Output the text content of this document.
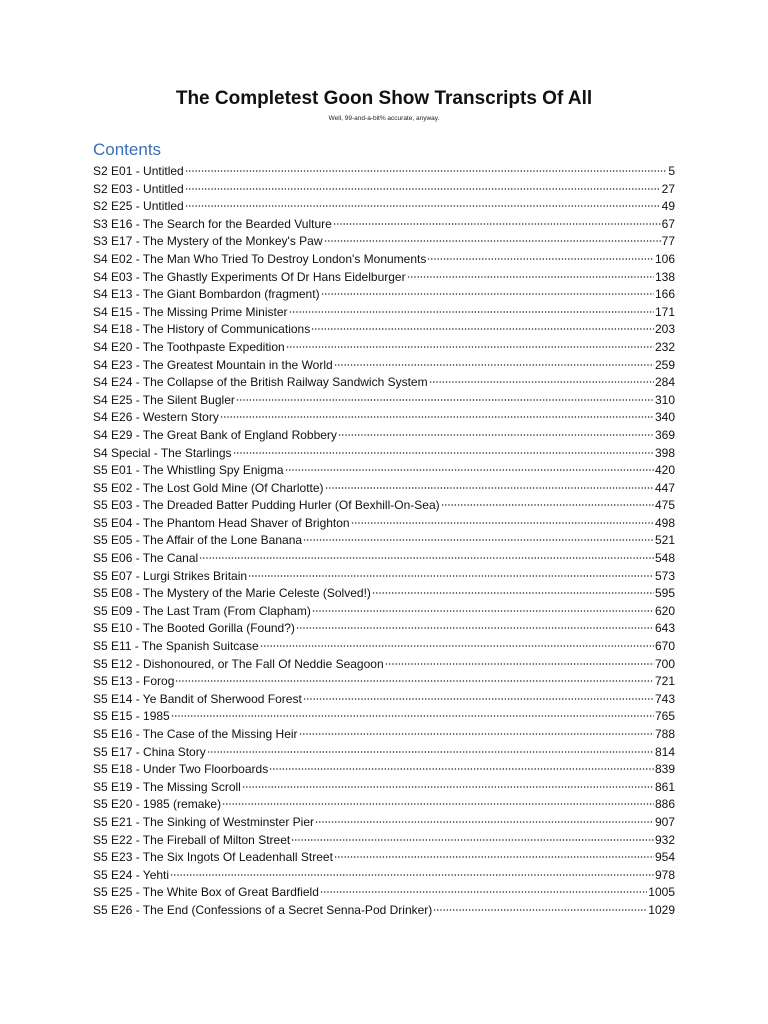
The Completest Goon Show Transcripts Of All
Well, 99-and-a-bit% accurate, anyway.
Contents
S2 E01 - Untitled	5
S2 E03 - Untitled	27
S2 E25 - Untitled	49
S3 E16 - The Search for the Bearded Vulture	67
S3 E17 - The Mystery of the Monkey's Paw	77
S4 E02 - The Man Who Tried To Destroy London's Monuments	106
S4 E03 - The Ghastly Experiments Of Dr Hans Eidelburger	138
S4 E13 - The Giant Bombardon (fragment)	166
S4 E15 - The Missing Prime Minister	171
S4 E18 - The History of Communications	203
S4 E20 - The Toothpaste Expedition	232
S4 E23 - The Greatest Mountain in the World	259
S4 E24 - The Collapse of the British Railway Sandwich System	284
S4 E25 - The Silent Bugler	310
S4 E26 - Western Story	340
S4 E29 - The Great Bank of England Robbery	369
S4 Special - The Starlings	398
S5 E01 - The Whistling Spy Enigma	420
S5 E02 - The Lost Gold Mine (Of Charlotte)	447
S5 E03 - The Dreaded Batter Pudding Hurler (Of Bexhill-On-Sea)	475
S5 E04 - The Phantom Head Shaver of Brighton	498
S5 E05 - The Affair of the Lone Banana	521
S5 E06 - The Canal	548
S5 E07 - Lurgi Strikes Britain	573
S5 E08 - The Mystery of the Marie Celeste (Solved!)	595
S5 E09 - The Last Tram (From Clapham)	620
S5 E10 - The Booted Gorilla (Found?)	643
S5 E11 - The Spanish Suitcase	670
S5 E12 - Dishonoured, or The Fall Of Neddie Seagoon	700
S5 E13 - Forog	721
S5 E14 - Ye Bandit of Sherwood Forest	743
S5 E15 - 1985	765
S5 E16 - The Case of the Missing Heir	788
S5 E17 - China Story	814
S5 E18 - Under Two Floorboards	839
S5 E19 - The Missing Scroll	861
S5 E20 - 1985 (remake)	886
S5 E21 - The Sinking of Westminster Pier	907
S5 E22 - The Fireball of Milton Street	932
S5 E23 - The Six Ingots Of Leadenhall Street	954
S5 E24 - Yehti	978
S5 E25 - The White Box of Great Bardfield	1005
S5 E26 - The End (Confessions of a Secret Senna-Pod Drinker)	1029
